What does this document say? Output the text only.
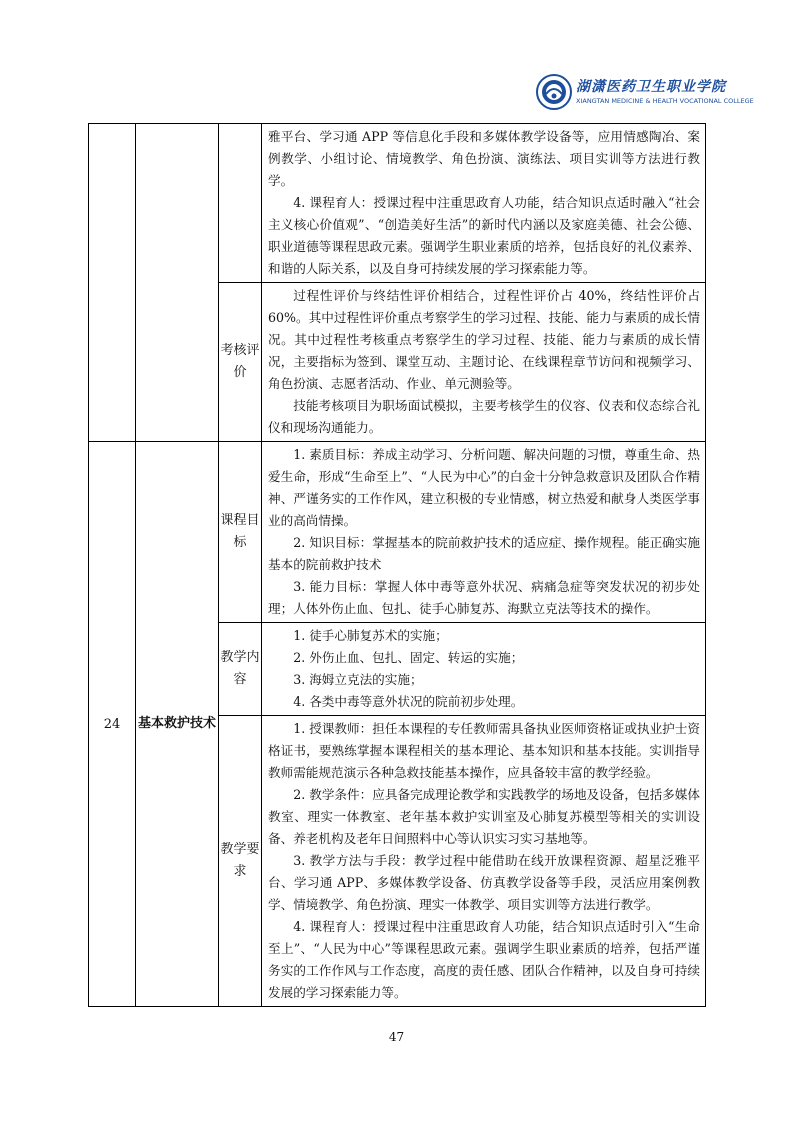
湖潇医药卫生职业学院
XIANGTAN MEDICINE & HEALTH VOCATIONAL COLLEGE

			雅平台、学习通 APP 等信息化手段和多媒体教学设备等，应用情感陶冶、案例教学、小组讨论、情境教学、角色扮演、演练法、项目实训等方法进行教学。

4. 课程育人：授课过程中注重思政育人功能，结合知识点适时融入“社会主义核心价值观”、“创造美好生活”的新时代内涵以及家庭美德、社会公德、职业道德等课程思政元素。强调学生职业素质的培养，包括良好的礼仪素养、和谐的人际关系，以及自身可持续发展的学习探索能力等。

		考核评价	过程性评价与终结性评价相结合，过程性评价占 40%，终结性评价占 60%。其中过程性评价重点考察学生的学习过程、技能、能力与素质的成长情况。其中过程性考核重点考察学生的学习过程、技能、能力与素质的成长情况，主要指标为签到、课堂互动、主题讨论、在线课程章节访问和视频学习、角色扮演、志愿者活动、作业、单元测验等。

技能考核项目为职场面试模拟，主要考核学生的仪容、仪表和仪态综合礼仪和现场沟通能力。

24	基本救护技术	课程目标	1. 素质目标：养成主动学习、分析问题、解决问题的习惯，尊重生命、热爱生命，形成“生命至上”、“人民为中心”的白金十分钟急救意识及团队合作精神、严谨务实的工作作风，建立积极的专业情感，树立热爱和献身人类医学事业的高尚情操。

2. 知识目标：掌握基本的院前救护技术的适应症、操作规程。能正确实施基本的院前救护技术

3. 能力目标：掌握人体中毒等意外状况、病痛急症等突发状况的初步处理；人体外伤止血、包扎、徒手心肺复苏、海默立克法等技术的操作。

		教学内容	1. 徒手心肺复苏术的实施；

2. 外伤止血、包扎、固定、转运的实施；

3. 海姆立克法的实施；

4. 各类中毒等意外状况的院前初步处理。

		教学要求	1. 授课教师：担任本课程的专任教师需具备执业医师资格证或执业护士资格证书，要熟练掌握本课程相关的基本理论、基本知识和基本技能。实训指导教师需能规范演示各种急救技能基本操作，应具备较丰富的教学经验。

2. 教学条件：应具备完成理论教学和实践教学的场地及设备，包括多媒体教室、理实一体教室、老年基本救护实训室及心肺复苏模型等相关的实训设备、养老机构及老年日间照料中心等认识实习实习基地等。

3. 教学方法与手段：教学过程中能借助在线开放课程资源、超星泛雅平台、学习通 APP、多媒体教学设备、仿真教学设备等手段，灵活应用案例教学、情境教学、角色扮演、理实一体教学、项目实训等方法进行教学。

4. 课程育人：授课过程中注重思政育人功能，结合知识点适时引入“生命至上”、“人民为中心”等课程思政元素。强调学生职业素质的培养，包括严谨务实的工作作风与工作态度，高度的责任感、团队合作精神，以及自身可持续发展的学习探索能力等。

47
